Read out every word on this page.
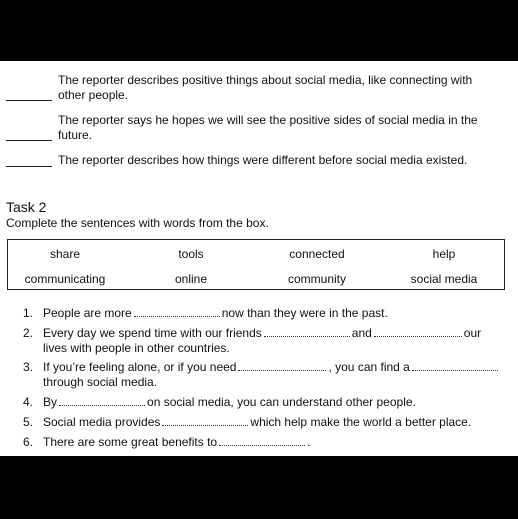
The reporter describes positive things about social media, like connecting with
other people.
The reporter says he hopes we will see the positive sides of social media in the
future.
The reporter describes how things were different before social media existed.
Task 2
Complete the sentences with words from the box.
share	tools	connected	help
communicating	online	community	social media
1. People are more	now than they were in the past.
2. Every day we spend time with our friends	and	our
lives with people in other countries.
3. If you’re feeling alone, or if you need	, you can find a
through social media.
4. By	on social media, you can understand other people.
5. Social media provides	which help make the world a better place.
6. There are some great benefits to	.
